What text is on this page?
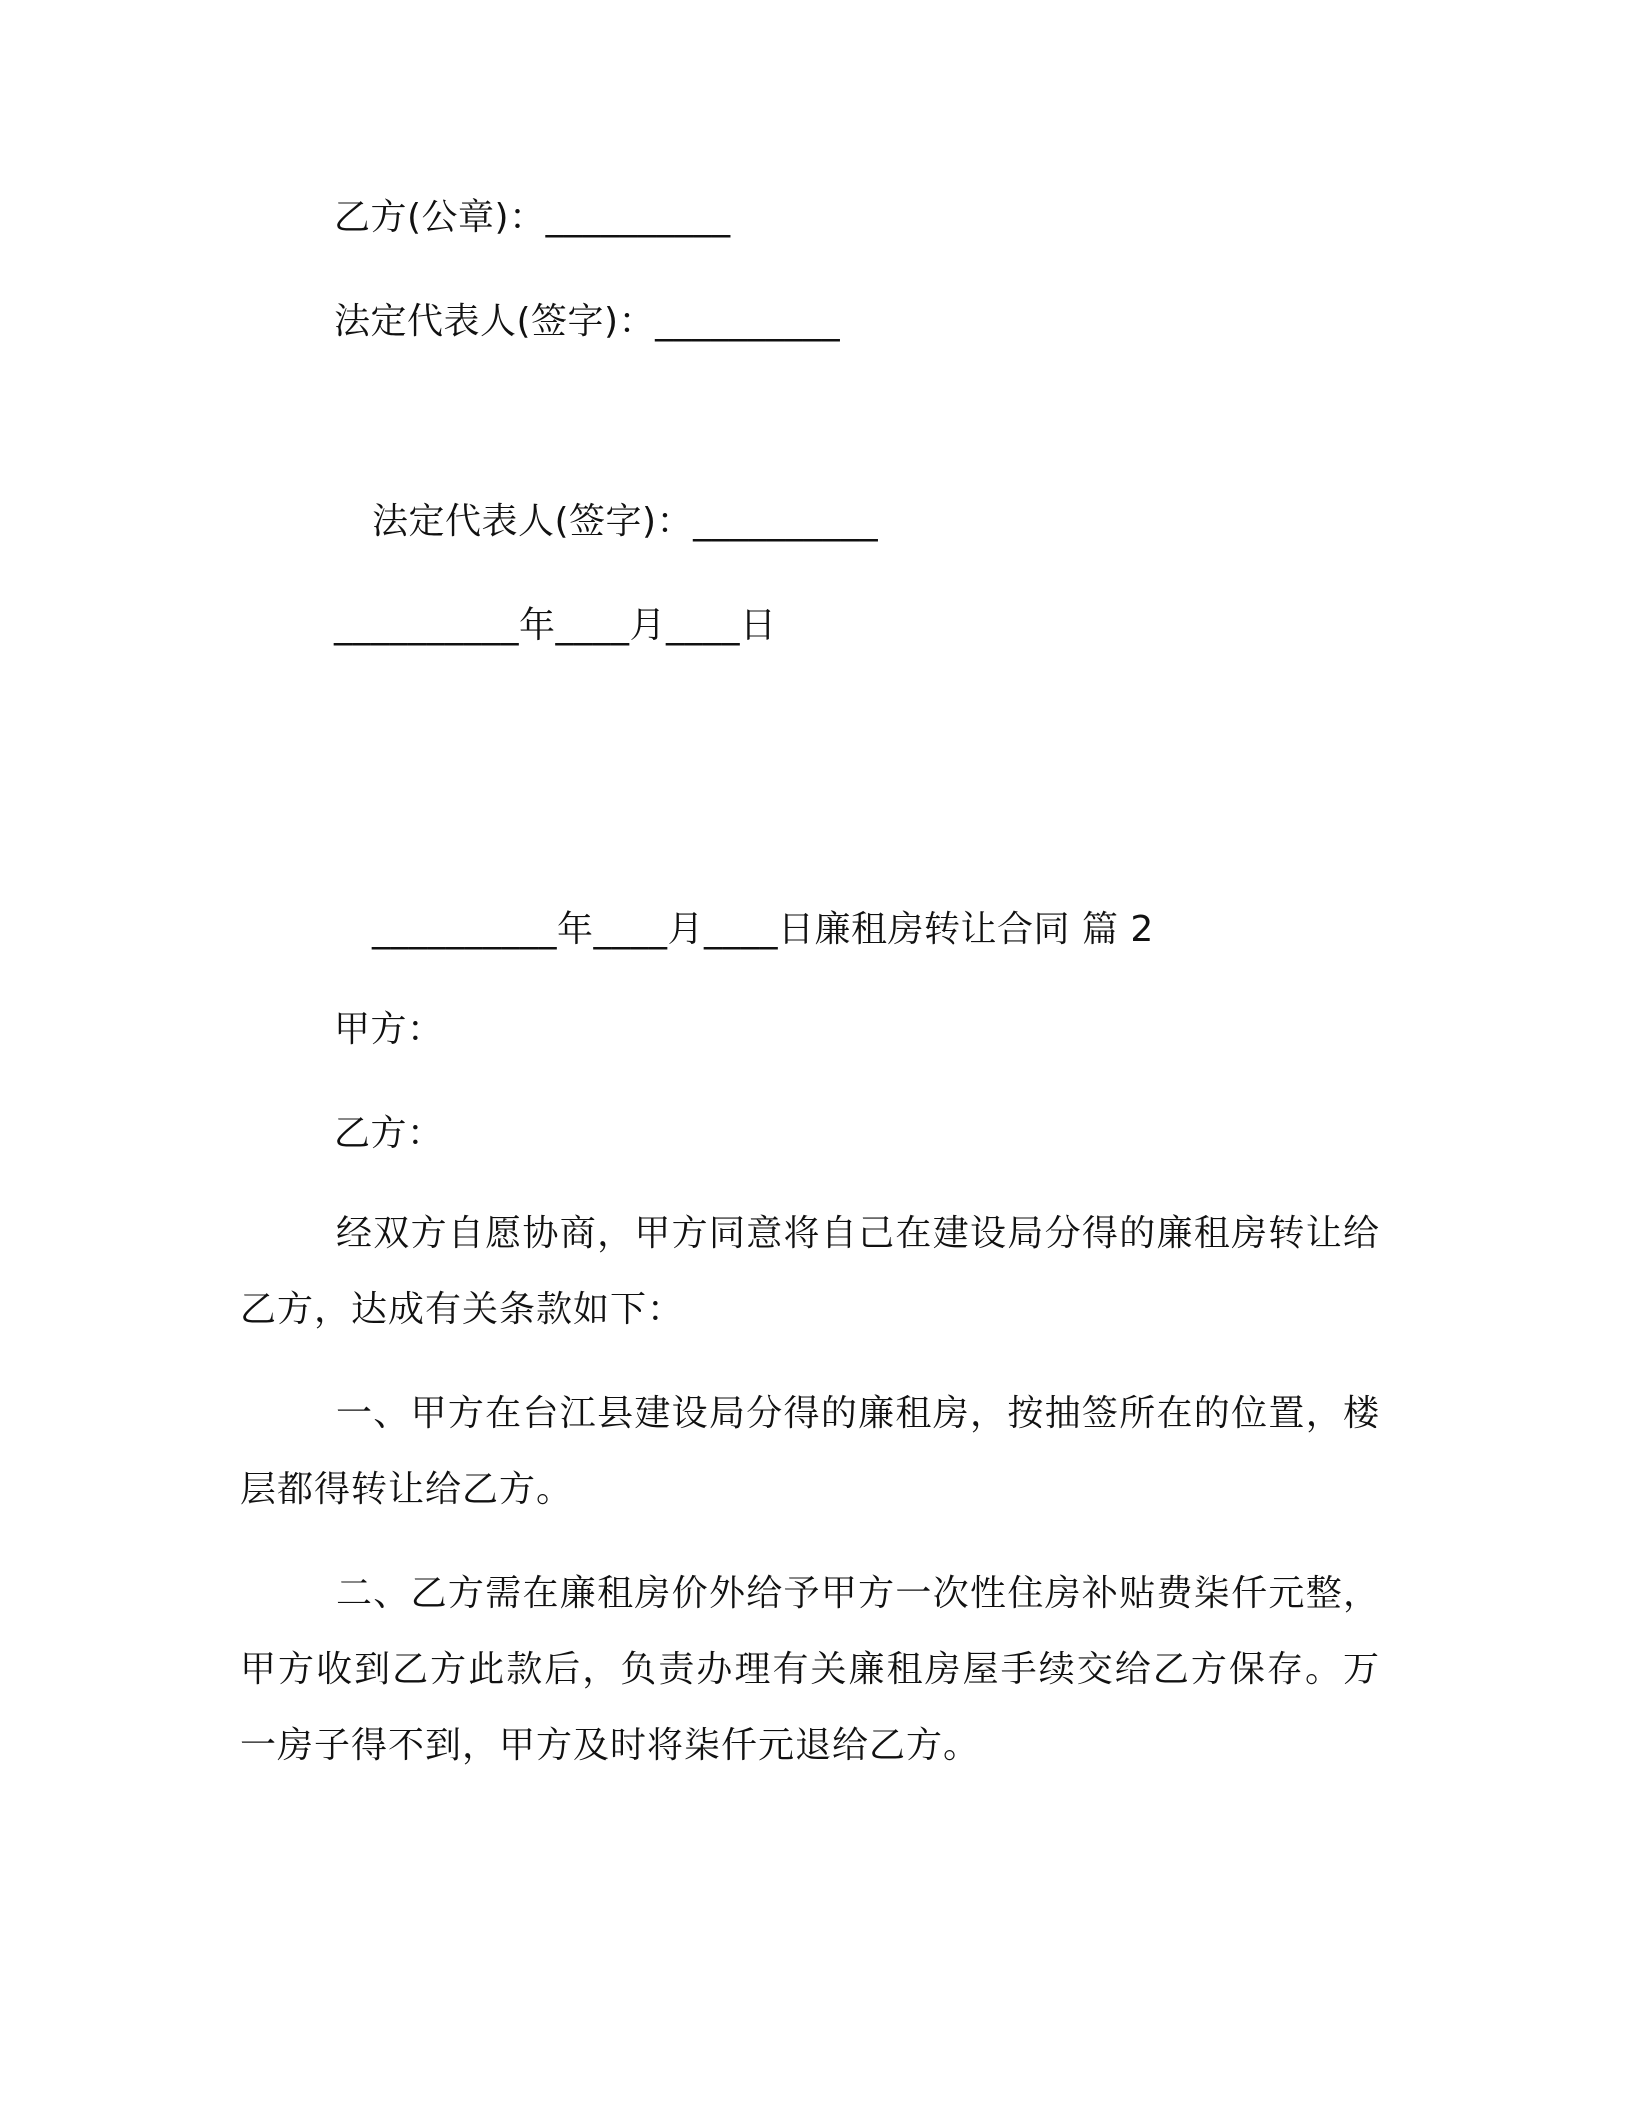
乙方(公章)：__________
法定代表人(签字)：__________
法定代表人(签字)：__________
__________年____月____日
__________年____月____日廉租房转让合同 篇 2
甲方：
乙方：

经双方自愿协商，甲方同意将自己在建设局分得的廉租房转让给乙方，达成有关条款如下：

一、甲方在台江县建设局分得的廉租房，按抽签所在的位置，楼层都得转让给乙方。

二、乙方需在廉租房价外给予甲方一次性住房补贴费柒仟元整，甲方收到乙方此款后，负责办理有关廉租房屋手续交给乙方保存。万一房子得不到，甲方及时将柒仟元退给乙方。
